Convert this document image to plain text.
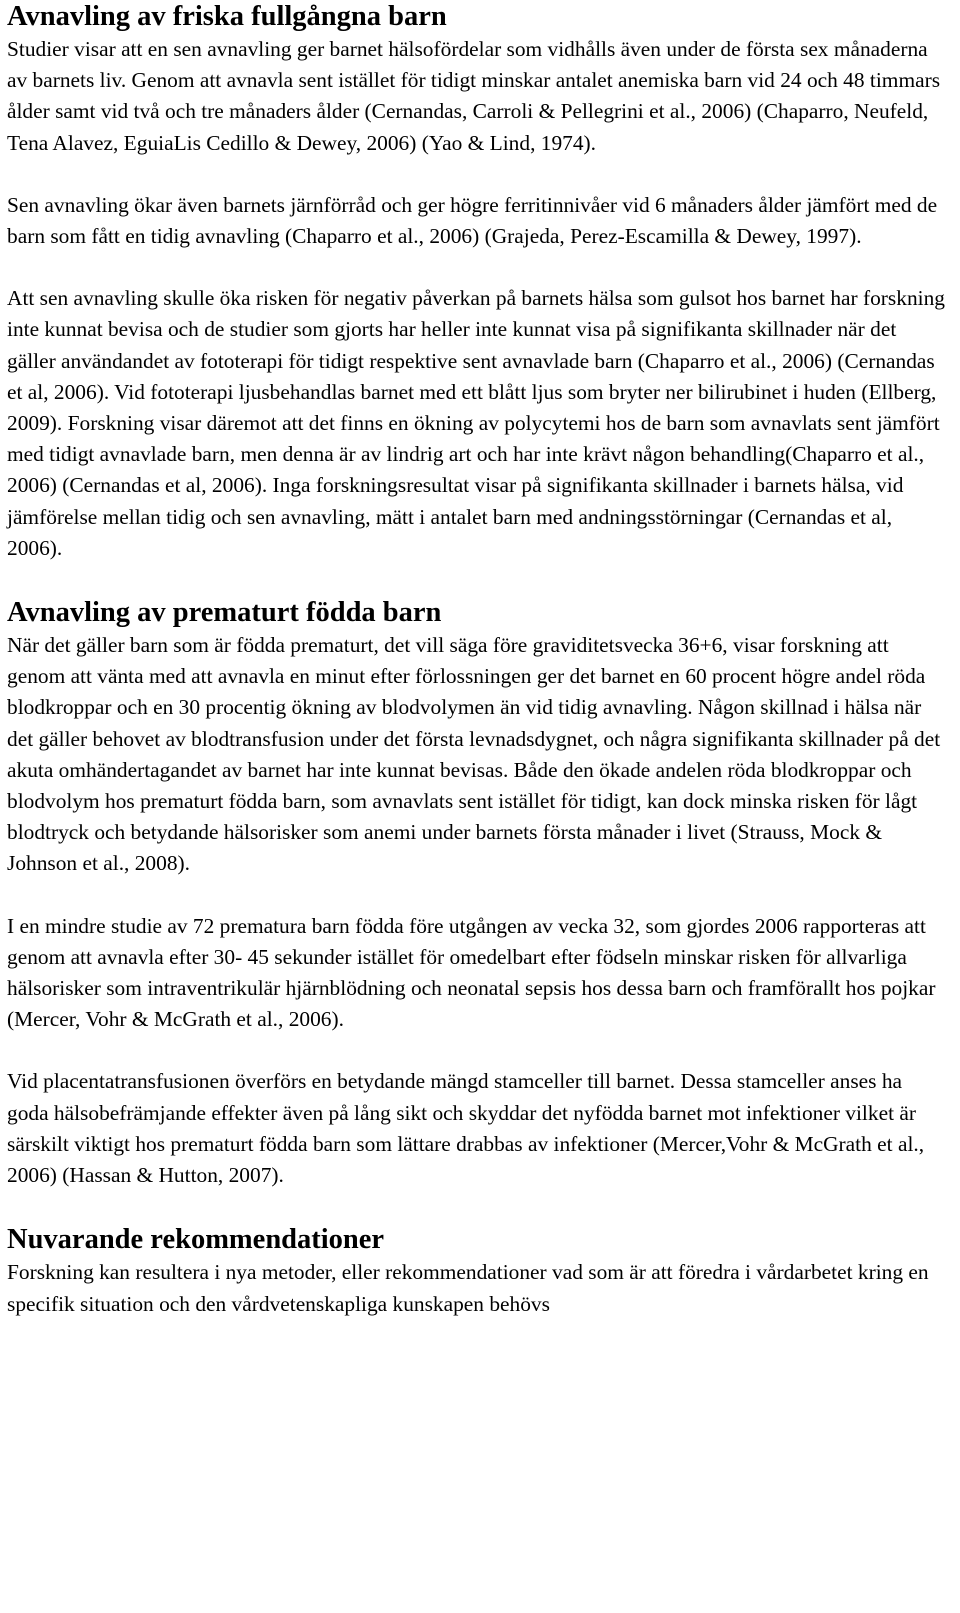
Avnavling av friska fullgångna barn

Studier visar att en sen avnavling ger barnet hälsofördelar som vidhålls även under de första sex månaderna av barnets liv. Genom att avnavla sent istället för tidigt minskar antalet anemiska barn vid 24 och 48 timmars ålder samt vid två och tre månaders ålder (Cernandas, Carroli & Pellegrini et al., 2006) (Chaparro, Neufeld, Tena Alavez, EguiaLis Cedillo & Dewey, 2006) (Yao & Lind, 1974).

Sen avnavling ökar även barnets järnförråd och ger högre ferritinnivåer vid 6 månaders ålder jämfört med de barn som fått en tidig avnavling (Chaparro et al., 2006) (Grajeda, Perez-Escamilla & Dewey, 1997).

Att sen avnavling skulle öka risken för negativ påverkan på barnets hälsa som gulsot hos barnet har forskning inte kunnat bevisa och de studier som gjorts har heller inte kunnat visa på signifikanta skillnader när det gäller användandet av fototerapi för tidigt respektive sent avnavlade barn (Chaparro et al., 2006) (Cernandas et al, 2006). Vid fototerapi ljusbehandlas barnet med ett blått ljus som bryter ner bilirubinet i huden (Ellberg, 2009). Forskning visar däremot att det finns en ökning av polycytemi hos de barn som avnavlats sent jämfört med tidigt avnavlade barn, men denna är av lindrig art och har inte krävt någon behandling(Chaparro et al., 2006) (Cernandas et al, 2006). Inga forskningsresultat visar på signifikanta skillnader i barnets hälsa, vid jämförelse mellan tidig och sen avnavling, mätt i antalet barn med andningsstörningar (Cernandas et al, 2006).

Avnavling av prematurt födda barn

När det gäller barn som är födda prematurt, det vill säga före graviditetsvecka 36+6, visar forskning att genom att vänta med att avnavla en minut efter förlossningen ger det barnet en 60 procent högre andel röda blodkroppar och en 30 procentig ökning av blodvolymen än vid tidig avnavling. Någon skillnad i hälsa när det gäller behovet av blodtransfusion under det första levnadsdygnet, och några signifikanta skillnader på det akuta omhändertagandet av barnet har inte kunnat bevisas. Både den ökade andelen röda blodkroppar och blodvolym hos prematurt födda barn, som avnavlats sent istället för tidigt, kan dock minska risken för lågt blodtryck och betydande hälsorisker som anemi under barnets första månader i livet (Strauss, Mock & Johnson et al., 2008).

I en mindre studie av 72 prematura barn födda före utgången av vecka 32, som gjordes 2006 rapporteras att genom att avnavla efter 30- 45 sekunder istället för omedelbart efter födseln minskar risken för allvarliga hälsorisker som intraventrikulär hjärnblödning och neonatal sepsis hos dessa barn och framförallt hos pojkar (Mercer, Vohr & McGrath et al., 2006).

Vid placentatransfusionen överförs en betydande mängd stamceller till barnet. Dessa stamceller anses ha goda hälsobefrämjande effekter även på lång sikt och skyddar det nyfödda barnet mot infektioner vilket är särskilt viktigt hos prematurt födda barn som lättare drabbas av infektioner (Mercer,Vohr & McGrath et al., 2006) (Hassan & Hutton, 2007).

Nuvarande rekommendationer

Forskning kan resultera i nya metoder, eller rekommendationer vad som är att föredra i vårdarbetet kring en specifik situation och den vårdvetenskapliga kunskapen behövs
